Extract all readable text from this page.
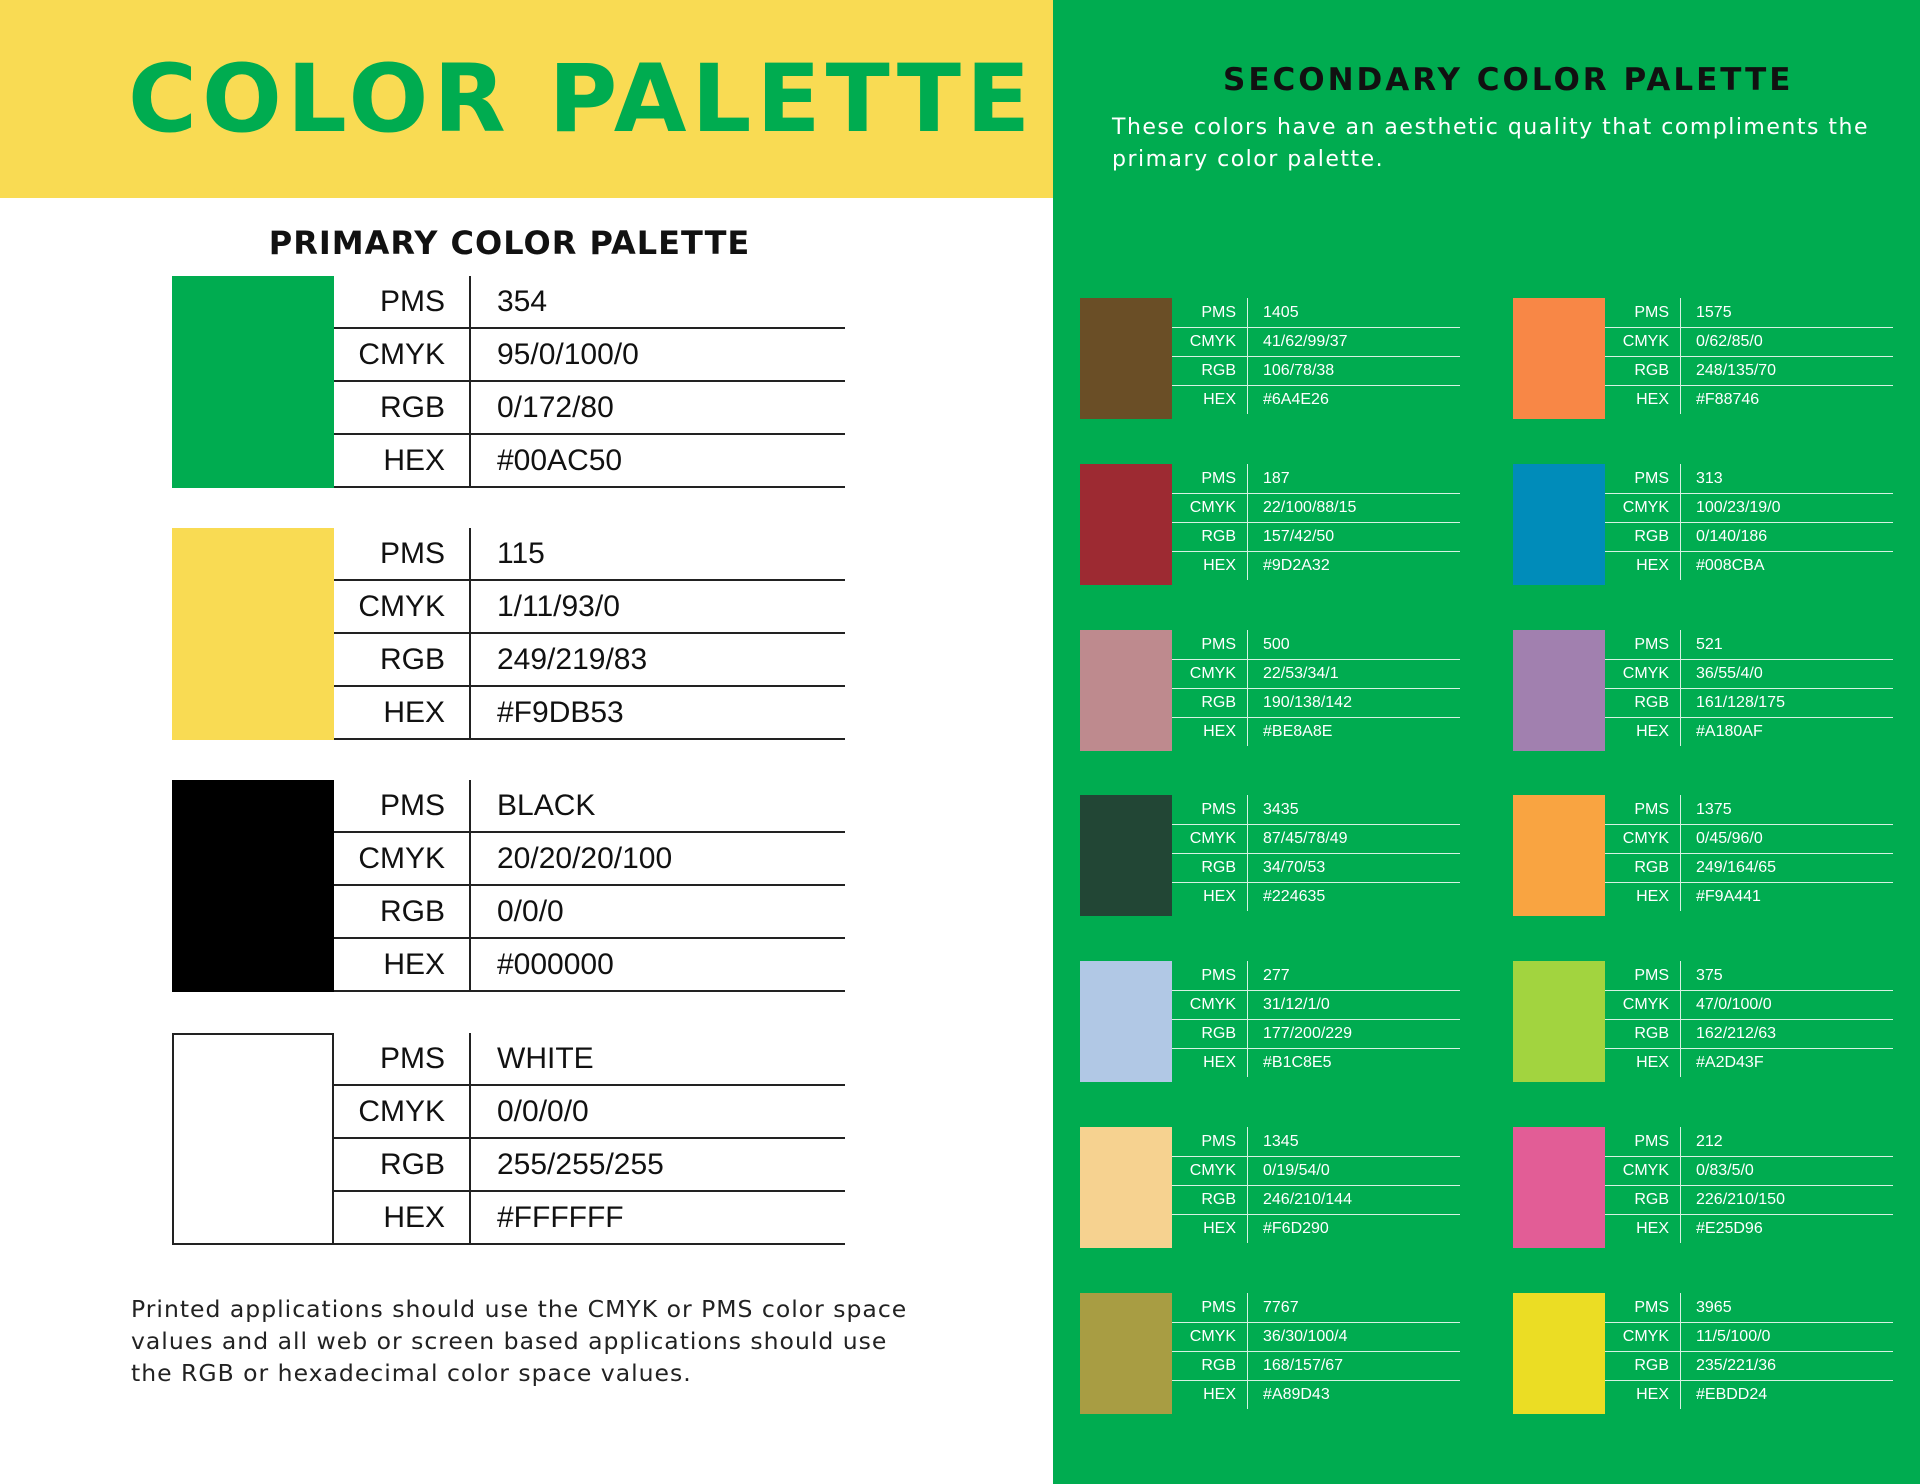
COLOR PALETTE
PRIMARY COLOR PALETTE
PMS	354
CMYK	95/0/100/0
RGB	0/172/80
HEX	#00AC50
PMS	115
CMYK	1/11/93/0
RGB	249/219/83
HEX	#F9DB53
PMS	BLACK
CMYK	20/20/20/100
RGB	0/0/0
HEX	#000000
PMS	WHITE
CMYK	0/0/0/0
RGB	255/255/255
HEX	#FFFFFF

Printed applications should use the CMYK or PMS color space values and all web or screen based applications should use the RGB or hexadecimal color space values.

SECONDARY COLOR PALETTE

These colors have an aesthetic quality that compliments the primary color palette.

PMS	1405
CMYK	41/62/99/37
RGB	106/78/38
HEX	#6A4E26
PMS	1575
CMYK	0/62/85/0
RGB	248/135/70
HEX	#F88746
PMS	187
CMYK	22/100/88/15
RGB	157/42/50
HEX	#9D2A32
PMS	313
CMYK	100/23/19/0
RGB	0/140/186
HEX	#008CBA
PMS	500
CMYK	22/53/34/1
RGB	190/138/142
HEX	#BE8A8E
PMS	521
CMYK	36/55/4/0
RGB	161/128/175
HEX	#A180AF
PMS	3435
CMYK	87/45/78/49
RGB	34/70/53
HEX	#224635
PMS	1375
CMYK	0/45/96/0
RGB	249/164/65
HEX	#F9A441
PMS	277
CMYK	31/12/1/0
RGB	177/200/229
HEX	#B1C8E5
PMS	375
CMYK	47/0/100/0
RGB	162/212/63
HEX	#A2D43F
PMS	1345
CMYK	0/19/54/0
RGB	246/210/144
HEX	#F6D290
PMS	212
CMYK	0/83/5/0
RGB	226/210/150
HEX	#E25D96
PMS	7767
CMYK	36/30/100/4
RGB	168/157/67
HEX	#A89D43
PMS	3965
CMYK	11/5/100/0
RGB	235/221/36
HEX	#EBDD24
